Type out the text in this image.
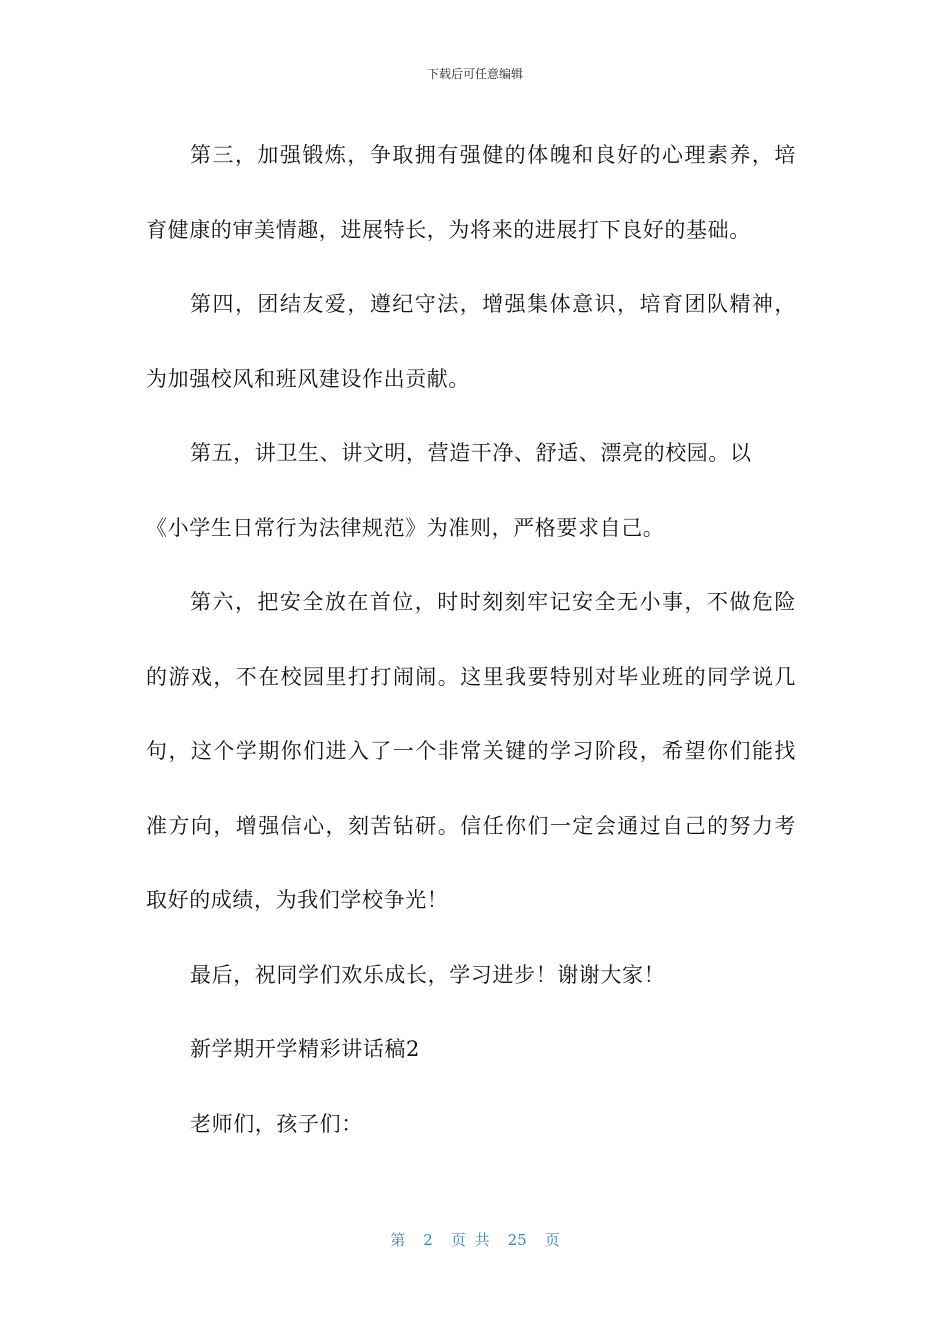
下载后可任意编辑
第三，加强锻炼，争取拥有强健的体魄和良好的心理素养，培
育健康的审美情趣，进展特长，为将来的进展打下良好的基础。
第四，团结友爱，遵纪守法，增强集体意识，培育团队精神，
为加强校风和班风建设作出贡献。
第五，讲卫生、讲文明，营造干净、舒适、漂亮的校园。以
《小学生日常行为法律规范》为准则，严格要求自己。
第六，把安全放在首位，时时刻刻牢记安全无小事，不做危险
的游戏，不在校园里打打闹闹。这里我要特别对毕业班的同学说几
句，这个学期你们进入了一个非常关键的学习阶段，希望你们能找
准方向，增强信心，刻苦钻研。信任你们一定会通过自己的努力考
取好的成绩，为我们学校争光！
最后，祝同学们欢乐成长，学习进步！谢谢大家！
新学期开学精彩讲话稿2
老师们，孩子们：
第 2 页 共 25 页
